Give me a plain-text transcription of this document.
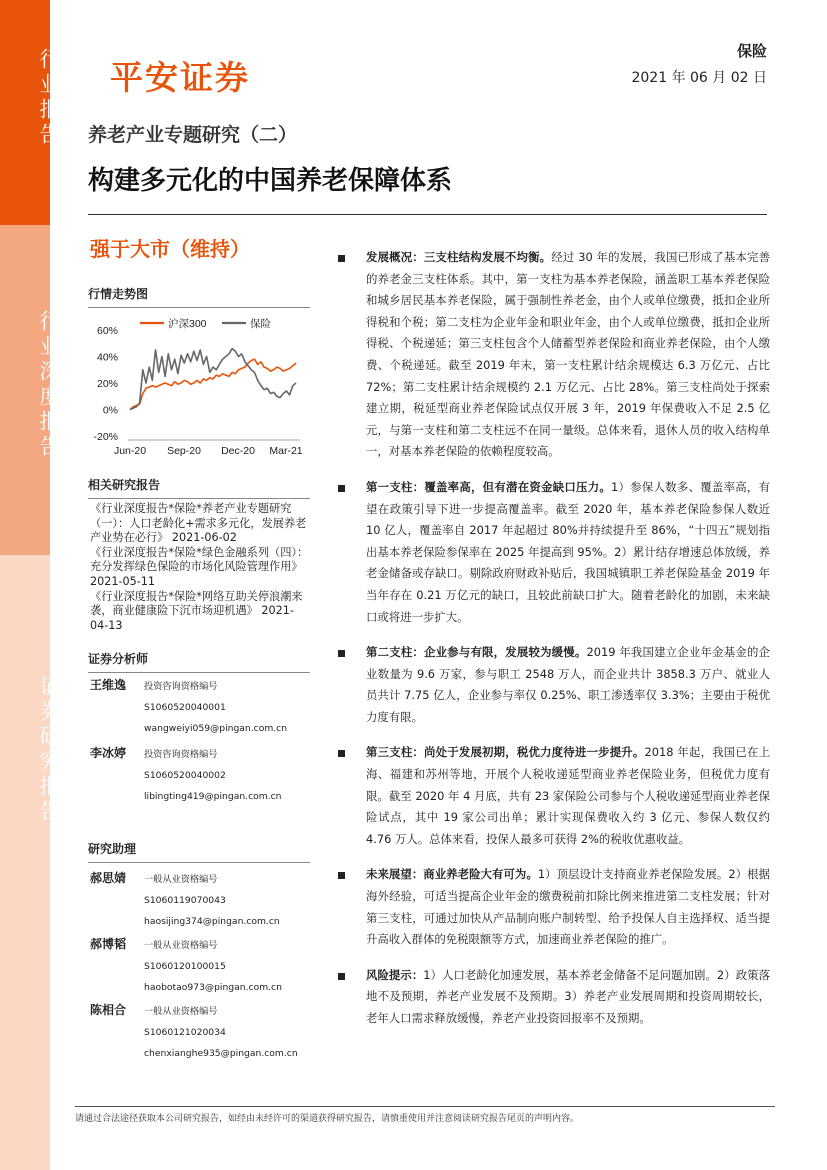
行业报告
行业深度报告
证券研究报告
平安证券
保险
2021 年 06 月 02 日
养老产业专题研究（二）
构建多元化的中国养老保障体系
强于大市（维持）
行情走势图
60%
40%
20%
0%
-20%
Jun-20 Sep-20 Dec-20 Mar-21
沪深300	保险
相关研究报告

《行业深度报告*保险*养老产业专题研究（一）：人口老龄化+需求多元化，发展养老产业势在必行》 2021-06-02

《行业深度报告*保险*绿色金融系列（四）：充分发挥绿色保险的市场化风险管理作用》 2021-05-11

《行业深度报告*保险*网络互助关停浪潮来袭，商业健康险下沉市场迎机遇》 2021-04-13

证券分析师
王维逸 投资咨询资格编号
S1060520040001
wangweiyi059@pingan.com.cn
李冰婷 投资咨询资格编号
S1060520040002
libingting419@pingan.com.cn
研究助理
郝思婧 一般从业资格编号
S1060119070043
haosijing374@pingan.com.cn
郝博韬 一般从业资格编号
S1060120100015
haobotao973@pingan.com.cn
陈相合 一般从业资格编号
S1060121020034
chenxianghe935@pingan.com.cn
发展概况：三支柱结构发展不均衡。经过 30 年的发展，我国已形成了基本完善的养老金三支柱体系。其中，第一支柱为基本养老保险，涵盖职工基本养老保险和城乡居民基本养老保险，属于强制性养老金，由个人或单位缴费，抵扣企业所得税和个税；第二支柱为企业年金和职业年金，由个人或单位缴费，抵扣企业所得税、个税递延；第三支柱包含个人储蓄型养老保险和商业养老保险，由个人缴费、个税递延。截至 2019 年末，第一支柱累计结余规模达 6.3 万亿元、占比 72%；第二支柱累计结余规模约 2.1 万亿元、占比 28%。第三支柱尚处于探索建立期，税延型商业养老保险试点仅开展 3 年，2019 年保费收入不足 2.5 亿元，与第一支柱和第二支柱远不在同一量级。总体来看，退休人员的收入结构单一，对基本养老保险的依赖程度较高。
第一支柱：覆盖率高，但有潜在资金缺口压力。1）参保人数多、覆盖率高，有望在政策引导下进一步提高覆盖率。截至 2020 年，基本养老保险参保人数近 10 亿人，覆盖率自 2017 年起超过 80%并持续提升至 86%，“十四五”规划指出基本养老保险参保率在 2025 年提高到 95%。2）累计结存增速总体放缓，养老金储备或存缺口。剔除政府财政补贴后，我国城镇职工养老保险基金 2019 年当年存在 0.21 万亿元的缺口，且较此前缺口扩大。随着老龄化的加剧，未来缺口或将进一步扩大。
第二支柱：企业参与有限，发展较为缓慢。2019 年我国建立企业年金基金的企业数量为 9.6 万家，参与职工 2548 万人，而企业共计 3858.3 万户、就业人员共计 7.75 亿人，企业参与率仅 0.25%、职工渗透率仅 3.3%；主要由于税优力度有限。
第三支柱：尚处于发展初期，税优力度待进一步提升。2018 年起，我国已在上海、福建和苏州等地，开展个人税收递延型商业养老保险业务，但税优力度有限。截至 2020 年 4 月底，共有 23 家保险公司参与个人税收递延型商业养老保险试点，其中 19 家公司出单；累计实现保费收入约 3 亿元、参保人数仅约 4.76 万人。总体来看，投保人最多可获得 2%的税收优惠收益。
未来展望：商业养老险大有可为。1）顶层设计支持商业养老保险发展。2）根据海外经验，可适当提高企业年金的缴费税前扣除比例来推进第二支柱发展；针对第三支柱，可通过加快从产品制向账户制转型、给予投保人自主选择权、适当提升高收入群体的免税限额等方式，加速商业养老保险的推广。
风险提示：1）人口老龄化加速发展，基本养老金储备不足问题加剧。2）政策落地不及预期，养老产业发展不及预期。3）养老产业发展周期和投资周期较长，老年人口需求释放缓慢，养老产业投资回报率不及预期。
请通过合法途径获取本公司研究报告，如经由未经许可的渠道获得研究报告，请慎重使用并注意阅读研究报告尾页的声明内容。
